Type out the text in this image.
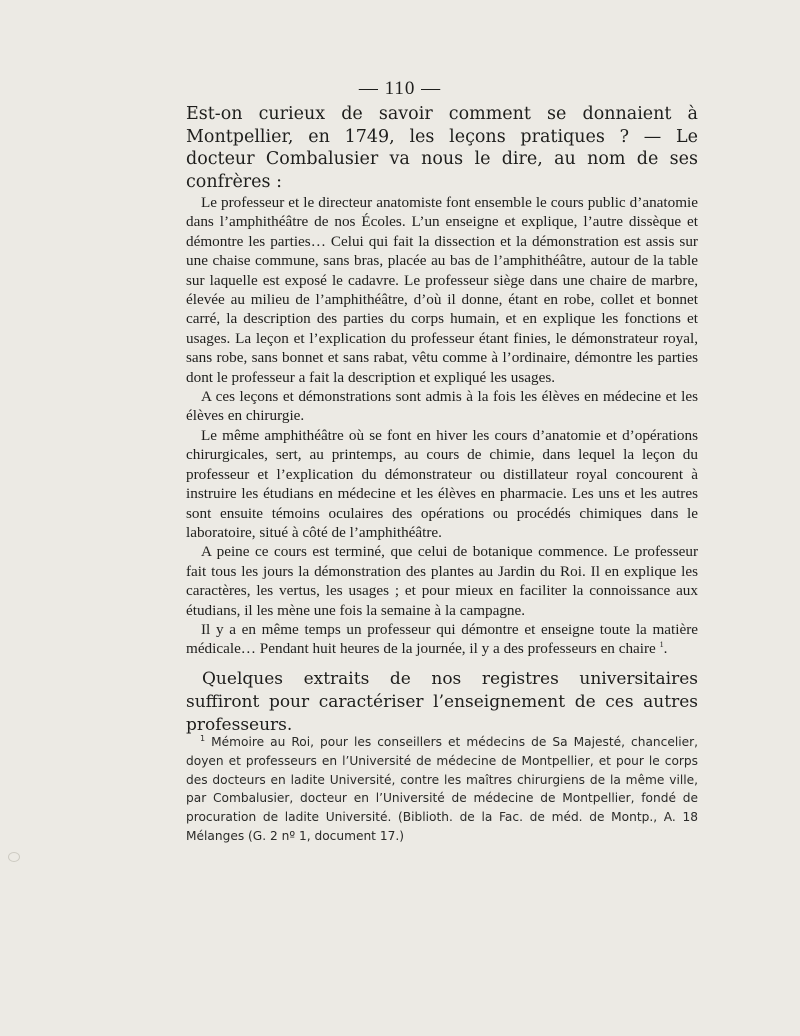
— 110 —
Est-on curieux de savoir comment se donnaient à Montpellier, en 1749, les leçons pratiques ? — Le docteur Combalusier va nous le dire, au nom de ses confrères :

Le professeur et le directeur anatomiste font ensemble le cours public d’anatomie dans l’amphithéâtre de nos Écoles. L’un enseigne et explique, l’autre dissèque et démontre les parties… Celui qui fait la dissection et la démonstration est assis sur une chaise commune, sans bras, placée au bas de l’amphithéâtre, autour de la table sur laquelle est exposé le cadavre. Le professeur siège dans une chaire de marbre, élevée au milieu de l’amphithéâtre, d’où il donne, étant en robe, collet et bonnet carré, la description des parties du corps humain, et en explique les fonctions et usages. La leçon et l’explication du professeur étant finies, le démonstrateur royal, sans robe, sans bonnet et sans rabat, vêtu comme à l’ordinaire, démontre les parties dont le professeur a fait la description et expliqué les usages.

A ces leçons et démonstrations sont admis à la fois les élèves en médecine et les élèves en chirurgie.

Le même amphithéâtre où se font en hiver les cours d’anatomie et d’opérations chirurgicales, sert, au printemps, au cours de chimie, dans lequel la leçon du professeur et l’explication du démonstrateur ou distillateur royal concourent à instruire les étudians en médecine et les élèves en pharmacie. Les uns et les autres sont ensuite témoins oculaires des opérations ou procédés chimiques dans le laboratoire, situé à côté de l’amphithéâtre.

A peine ce cours est terminé, que celui de botanique commence. Le professeur fait tous les jours la démonstration des plantes au Jardin du Roi. Il en explique les caractères, les vertus, les usages ; et pour mieux en faciliter la connoissance aux étudians, il les mène une fois la semaine à la campagne.

Il y a en même temps un professeur qui démontre et enseigne toute la matière médicale… Pendant huit heures de la journée, il y a des professeurs en chaire $^1$.

Quelques extraits de nos registres universitaires suffiront pour caractériser l’enseignement de ces autres professeurs.
$^1$ Mémoire au Roi, pour les conseillers et médecins de Sa Majesté, chancelier, doyen et professeurs en l’Université de médecine de Montpellier, et pour le corps des docteurs en ladite Université, contre les maîtres chirurgiens de la même ville, par Combalusier, docteur en l’Université de médecine de Montpellier, fondé de procuration de ladite Université. (Biblioth. de la Fac. de méd. de Montp., A. 18 Mélanges (G. 2 nº 1, document 17.)
